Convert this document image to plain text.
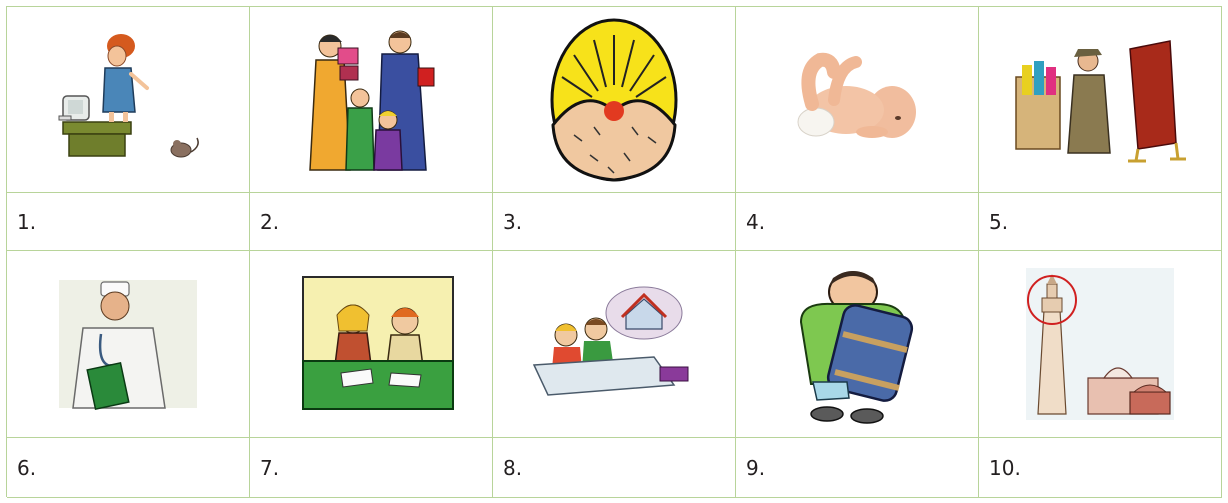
1.	2.	3.	4.	5.
6.	7.	8.	9.	10.
